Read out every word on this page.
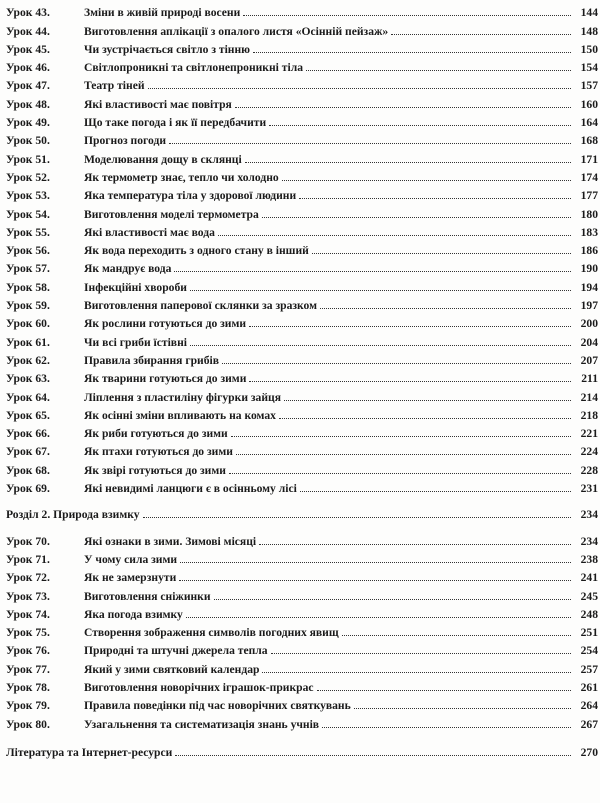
Урок 43.	Зміни в живій природі восени	144
Урок 44.	Виготовлення аплікації з опалого листя «Осінній пейзаж»	148
Урок 45.	Чи зустрічається світло з тінню	150
Урок 46.	Світлопроникні та світлонепроникні тіла	154
Урок 47.	Театр тіней	157
Урок 48.	Які властивості має повітря	160
Урок 49.	Що таке погода і як її передбачити	164
Урок 50.	Прогноз погоди	168
Урок 51.	Моделювання дощу в склянці	171
Урок 52.	Як термометр знає, тепло чи холодно	174
Урок 53.	Яка температура тіла у здорової людини	177
Урок 54.	Виготовлення моделі термометра	180
Урок 55.	Які властивості має вода	183
Урок 56.	Як вода переходить з одного стану в інший	186
Урок 57.	Як мандрує вода	190
Урок 58.	Інфекційні хвороби	194
Урок 59.	Виготовлення паперової склянки за зразком	197
Урок 60.	Як рослини готуються до зими	200
Урок 61.	Чи всі гриби їстівні	204
Урок 62.	Правила збирання грибів	207
Урок 63.	Як тварини готуються до зими	211
Урок 64.	Ліплення з пластиліну фігурки зайця	214
Урок 65.	Як осінні зміни впливають на комах	218
Урок 66.	Як риби готуються до зими	221
Урок 67.	Як птахи готуються до зими	224
Урок 68.	Як звірі готуються до зими	228
Урок 69.	Які невидимі ланцюги є в осінньому лісі	231
Розділ 2. Природа взимку	234
Урок 70.	Які ознаки в зими. Зимові місяці	234
Урок 71.	У чому сила зими	238
Урок 72.	Як не замерзнути	241
Урок 73.	Виготовлення сніжинки	245
Урок 74.	Яка погода взимку	248
Урок 75.	Створення зображення символів погодних явищ	251
Урок 76.	Природні та штучні джерела тепла	254
Урок 77.	Який у зими святковий календар	257
Урок 78.	Виготовлення новорічних іграшок-прикрас	261
Урок 79.	Правила поведінки під час новорічних святкувань	264
Урок 80.	Узагальнення та систематизація знань учнів	267
Література та Інтернет-ресурси	270
